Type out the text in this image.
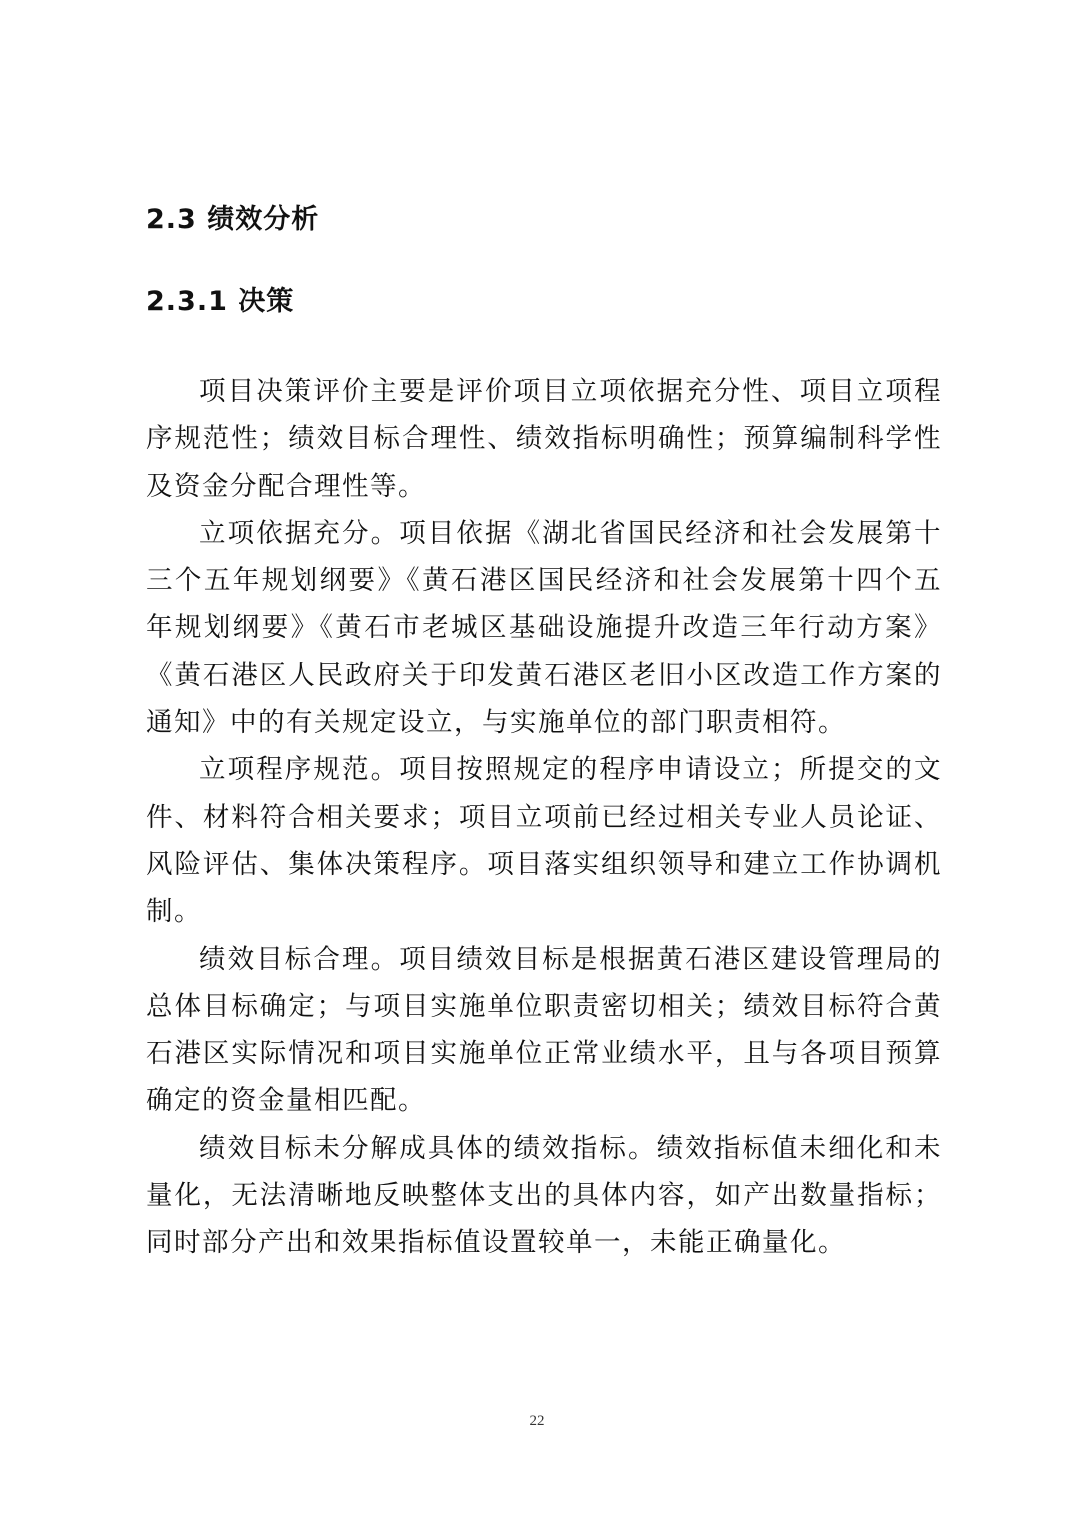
2.3 绩效分析
2.3.1 决策

项目决策评价主要是评价项目立项依据充分性、项目立项程序规范性；绩效目标合理性、绩效指标明确性；预算编制科学性及资金分配合理性等。

立项依据充分。项目依据《湖北省国民经济和社会发展第十三个五年规划纲要》《黄石港区国民经济和社会发展第十四个五年规划纲要》《黄石市老城区基础设施提升改造三年行动方案》《黄石港区人民政府关于印发黄石港区老旧小区改造工作方案的通知》中的有关规定设立，与实施单位的部门职责相符。

立项程序规范。项目按照规定的程序申请设立；所提交的文件、材料符合相关要求；项目立项前已经过相关专业人员论证、风险评估、集体决策程序。项目落实组织领导和建立工作协调机制。

绩效目标合理。项目绩效目标是根据黄石港区建设管理局的总体目标确定；与项目实施单位职责密切相关；绩效目标符合黄石港区实际情况和项目实施单位正常业绩水平，且与各项目预算确定的资金量相匹配。

绩效目标未分解成具体的绩效指标。绩效指标值未细化和未量化，无法清晰地反映整体支出的具体内容，如产出数量指标；同时部分产出和效果指标值设置较单一，未能正确量化。

22
